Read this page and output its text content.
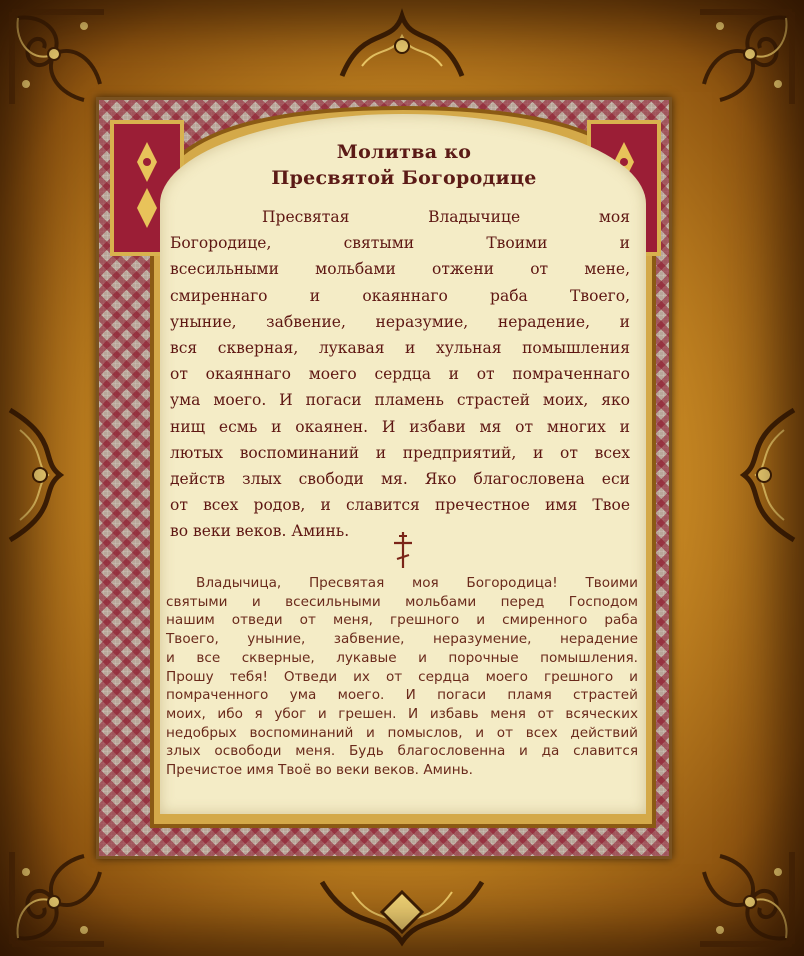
Молитва ко
Пресвятой Богородице
Пресвятая Владычице моя
Богородице, святыми Твоими и
всесильными мольбами отжени от мене,
смиреннаго и окаяннаго раба Твоего,
уныние, забвение, неразумие, нерадение, и
вся скверная, лукавая и хульная помышления
от окаяннаго моего сердца и от помраченнаго
ума моего. И погаси пламень страстей моих, яко
нищ есмь и окаянен. И избави мя от многих и
лютых воспоминаний и предприятий, и от всех
действ злых свободи мя. Яко благословена еси
от всех родов, и славится пречестное имя Твое
во веки веков. Аминь.
Владычица, Пресвятая моя Богородица! Твоими
святыми и всесильными мольбами перед Господом
нашим отведи от меня, грешного и смиренного раба
Твоего, уныние, забвение, неразумение, нерадение
и все скверные, лукавые и порочные помышления.
Прошу тебя! Отведи их от сердца моего грешного и
помраченного ума моего. И погаси пламя страстей
моих, ибо я убог и грешен. И избавь меня от всяческих
недобрых воспоминаний и помыслов, и от всех действий
злых освободи меня. Будь благословенна и да славится
Пречистое имя Твоё во веки веков. Аминь.
